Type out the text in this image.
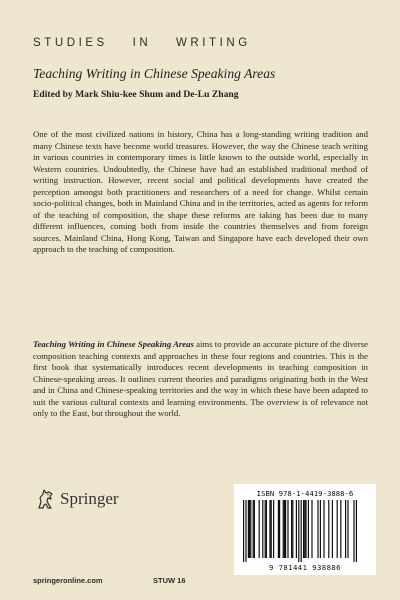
STUDIES IN WRITING
Teaching Writing in Chinese Speaking Areas
Edited by Mark Shiu-kee Shum and De-Lu Zhang

One of the most civilized nations in history, China has a long-standing writing tradition and many Chinese texts have become world treasures. However, the way the Chinese teach writing in various countries in contemporary times is little known to the outside world, especially in Western countries. Undoubtedly, the Chinese have had an established traditional method of writing instruction. However, recent social and political developments have created the perception amongst both practitioners and researchers of a need for change. Whilst certain socio-political changes, both in Mainland China and in the territories, acted as agents for reform of the teaching of composition, the shape these reforms are taking has been due to many different influences, coming both from inside the countries themselves and from foreign sources. Mainland China, Hong Kong, Taiwan and Singapore have each developed their own approach to the teaching of composition.

Teaching Writing in Chinese Speaking Areas aims to provide an accurate picture of the diverse composition teaching contexts and approaches in these four regions and countries. This is the first book that systematically introduces recent developments in teaching composition in Chinese-speaking areas. It outlines current theories and paradigms originating both in the West and in China and Chinese-speaking territories and the way in which these have been adapted to suit the various cultural contexts and learning environments. The overview is of relevance not only to the East, but throughout the world.

Springer
springeronline.com	STUW 16
ISBN 978-1-4419-3888-6
9 781441 938886
